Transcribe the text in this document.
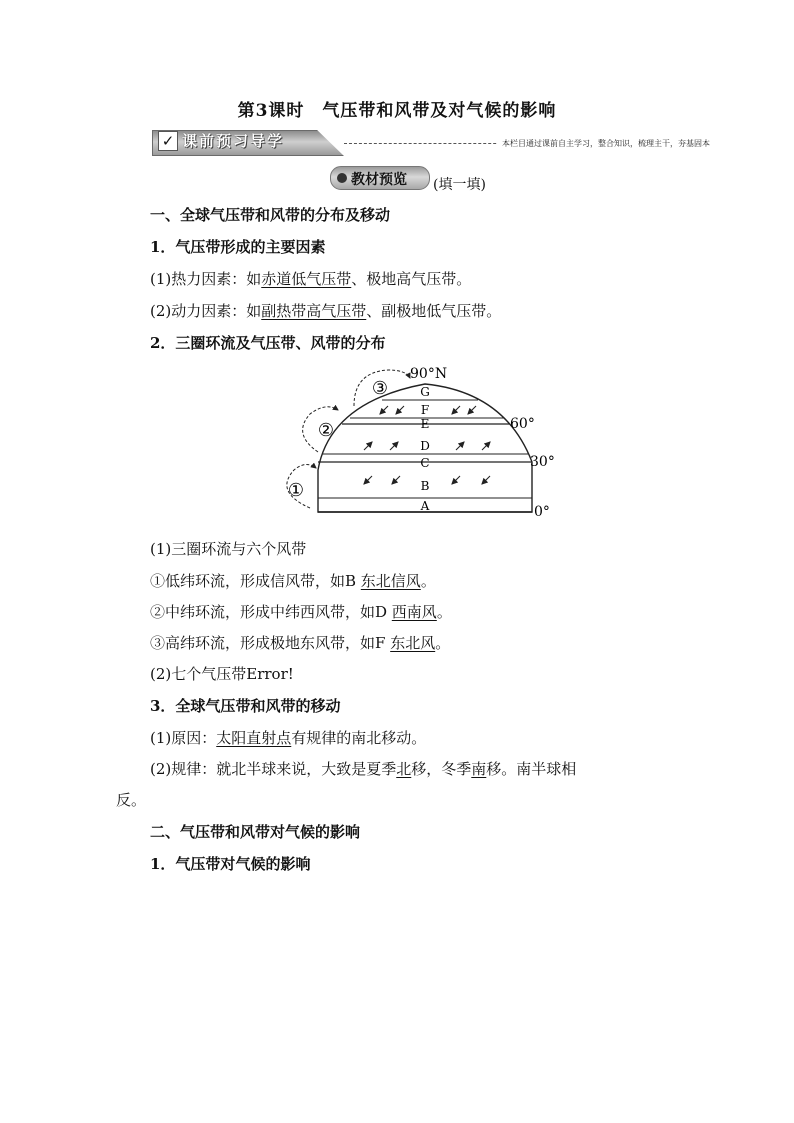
第3课时　气压带和风带及对气候的影响
✓ 课前预习导学	本栏目通过课前自主学习，整合知识，梳理主干，夯基固本
教材预览 (填一填)
一、全球气压带和风带的分布及移动
1．气压带形成的主要因素
(1)热力因素：如赤道低气压带、极地高气压带。
(2)动力因素：如副热带高气压带、副极地低气压带。
2．三圈环流及气压带、风带的分布
G
F
E
D
C
B
A
90°N
60°
30°
0°
①
②
③
(1)三圈环流与六个风带
①低纬环流，形成信风带，如B 东北信风。
②中纬环流，形成中纬西风带，如D 西南风。
③高纬环流，形成极地东风带，如F 东北风。
(2)七个气压带Error!
3．全球气压带和风带的移动
(1)原因：太阳直射点有规律的南北移动。
(2)规律：就北半球来说，大致是夏季北移，冬季南移。南半球相
反。
二、气压带和风带对气候的影响
1．气压带对气候的影响
